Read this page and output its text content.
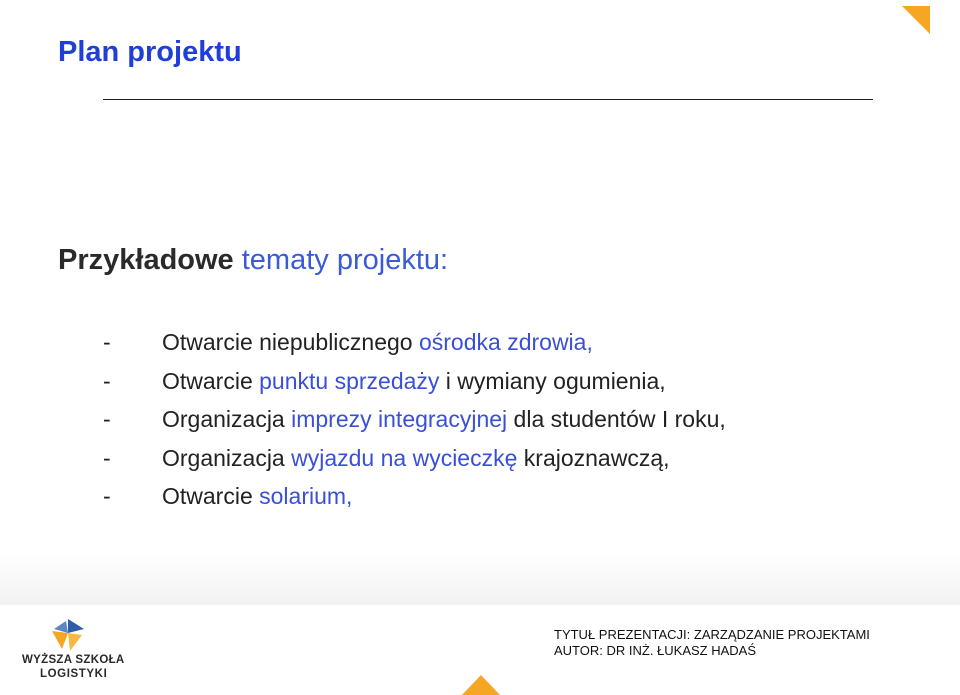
Plan projektu

Przykładowe tematy projektu:

- Otwarcie niepublicznego ośrodka zdrowia,
- Otwarcie punktu sprzedaży i wymiany ogumienia,
- Organizacja imprezy integracyjnej dla studentów I roku,
- Organizacja wyjazdu na wycieczkę krajoznawczą,
- Otwarcie solarium,
WYŻSZA SZKOŁA
LOGISTYKI
TYTUŁ PREZENTACJI: ZARZĄDZANIE PROJEKTAMI
AUTOR: DR INŻ. ŁUKASZ HADAŚ
